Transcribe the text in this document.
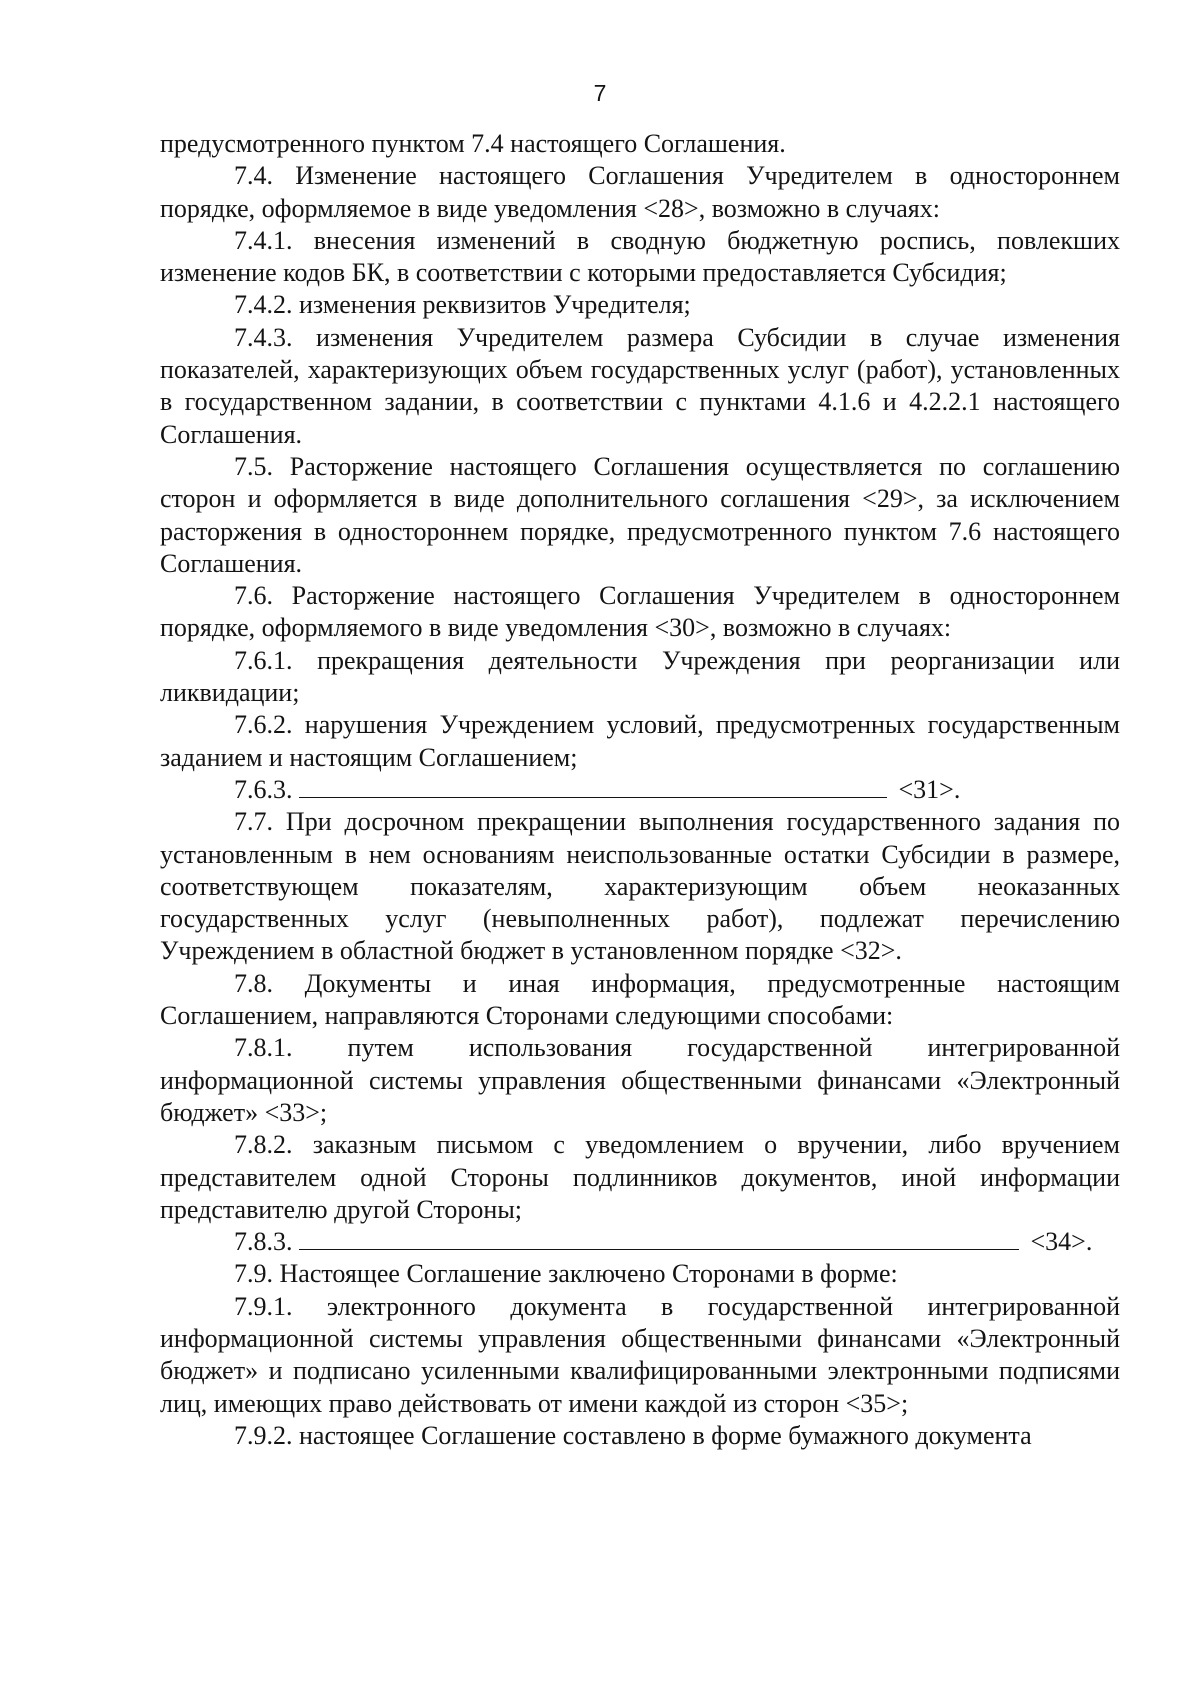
7

предусмотренного пунктом 7.4 настоящего Соглашения.

7.4. Изменение настоящего Соглашения Учредителем в одностороннем порядке, оформляемое в виде уведомления <28>, возможно в случаях:

7.4.1. внесения изменений в сводную бюджетную роспись, повлекших изменение кодов БК, в соответствии с которыми предоставляется Субсидия;

7.4.2. изменения реквизитов Учредителя;

7.4.3. изменения Учредителем размера Субсидии в случае изменения показателей, характеризующих объем государственных услуг (работ), установленных в государственном задании, в соответствии с пунктами 4.1.6 и 4.2.2.1 настоящего Соглашения.

7.5. Расторжение настоящего Соглашения осуществляется по соглашению сторон и оформляется в виде дополнительного соглашения <29>, за исключением расторжения в одностороннем порядке, предусмотренного пунктом 7.6 настоящего Соглашения.

7.6. Расторжение настоящего Соглашения Учредителем в одностороннем порядке, оформляемого в виде уведомления <30>, возможно в случаях:

7.6.1. прекращения деятельности Учреждения при реорганизации или ликвидации;

7.6.2. нарушения Учреждением условий, предусмотренных государственным заданием и настоящим Соглашением;

7.6.3.	<31>.

7.7. При досрочном прекращении выполнения государственного задания по установленным в нем основаниям неиспользованные остатки Субсидии в размере, соответствующем показателям, характеризующим объем неоказанных государственных услуг (невыполненных работ), подлежат перечислению Учреждением в областной бюджет в установленном порядке <32>.

7.8. Документы и иная информация, предусмотренные настоящим Соглашением, направляются Сторонами следующими способами:

7.8.1. путем использования государственной интегрированной информационной системы управления общественными финансами «Электронный бюджет» <33>;

7.8.2. заказным письмом с уведомлением о вручении, либо вручением представителем одной Стороны подлинников документов, иной информации представителю другой Стороны;

7.8.3.	<34>.

7.9. Настоящее Соглашение заключено Сторонами в форме:

7.9.1. электронного документа в государственной интегрированной информационной системы управления общественными финансами «Электронный бюджет» и подписано усиленными квалифицированными электронными подписями лиц, имеющих право действовать от имени каждой из сторон <35>;

7.9.2. настоящее Соглашение составлено в форме бумажного документа
